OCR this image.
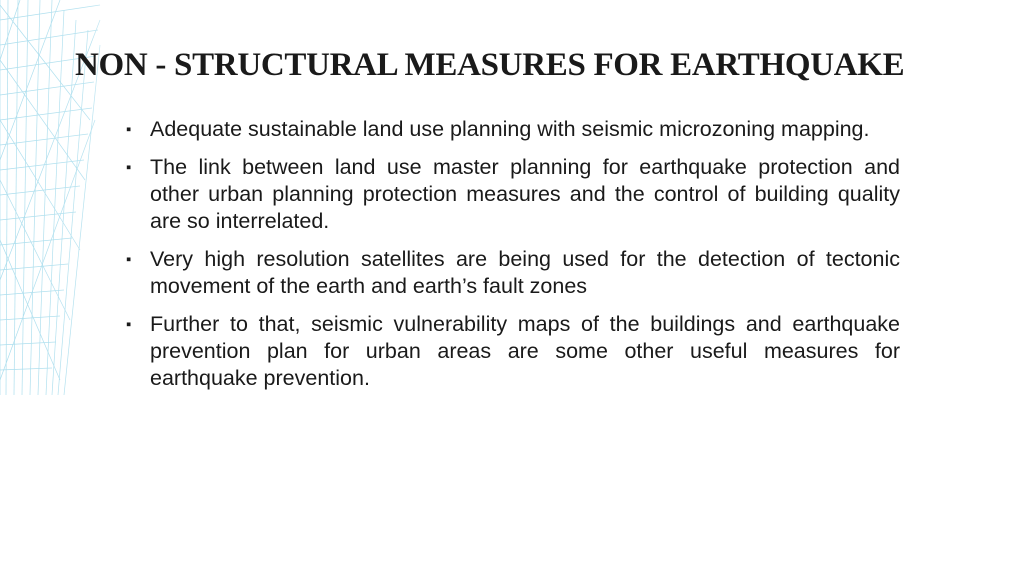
NON - STRUCTURAL MEASURES FOR EARTHQUAKE
▪ Adequate sustainable land use planning with seismic microzoning mapping.
▪ The link between land use master planning for earthquake protection and other urban planning protection measures and the control of building quality are so interrelated.
▪ Very high resolution satellites are being used for the detection of tectonic movement of the earth and earth’s fault zones
▪ Further to that, seismic vulnerability maps of the buildings and earthquake prevention plan for urban areas are some other useful measures for earthquake prevention.
